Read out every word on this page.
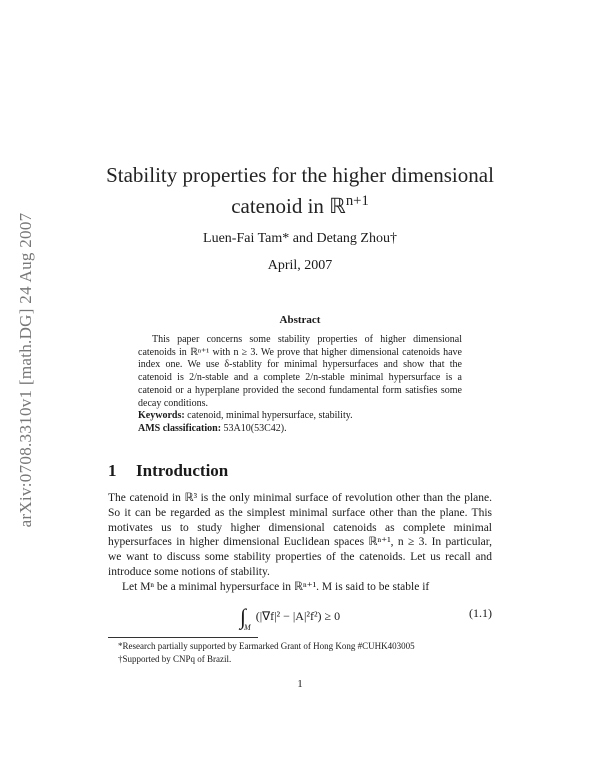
arXiv:0708.3310v1 [math.DG] 24 Aug 2007
Stability properties for the higher dimensional
catenoid in ℝ$^{n+1}$
Luen-Fai Tam* and Detang Zhou†
April, 2007
Abstract

This paper concerns some stability properties of higher dimensional catenoids in ℝⁿ⁺¹ with n ≥ 3. We prove that higher dimensional catenoids have index one. We use δ-stablity for minimal hypersurfaces and show that the catenoid is 2/n-stable and a complete 2/n-stable minimal hypersurface is a catenoid or a hyperplane provided the second fundamental form satisfies some decay conditions.

Keywords: catenoid, minimal hypersurface, stability.
AMS classification: 53A10(53C42).
1 Introduction

The catenoid in ℝ³ is the only minimal surface of revolution other than the plane. So it can be regarded as the simplest minimal surface other than the plane. This motivates us to study higher dimensional catenoids as complete minimal hypersurfaces in higher dimensional Euclidean spaces ℝⁿ⁺¹, n ≥ 3. In particular, we want to discuss some stability properties of the catenoids. Let us recall and introduce some notions of stability.

Let Mⁿ be a minimal hypersurface in ℝⁿ⁺¹. M is said to be stable if

$\int_M$ (|∇f|² − |A|²f²) ≥ 0	(1.1)
*Research partially supported by Earmarked Grant of Hong Kong #CUHK403005
†Supported by CNPq of Brazil.
1
